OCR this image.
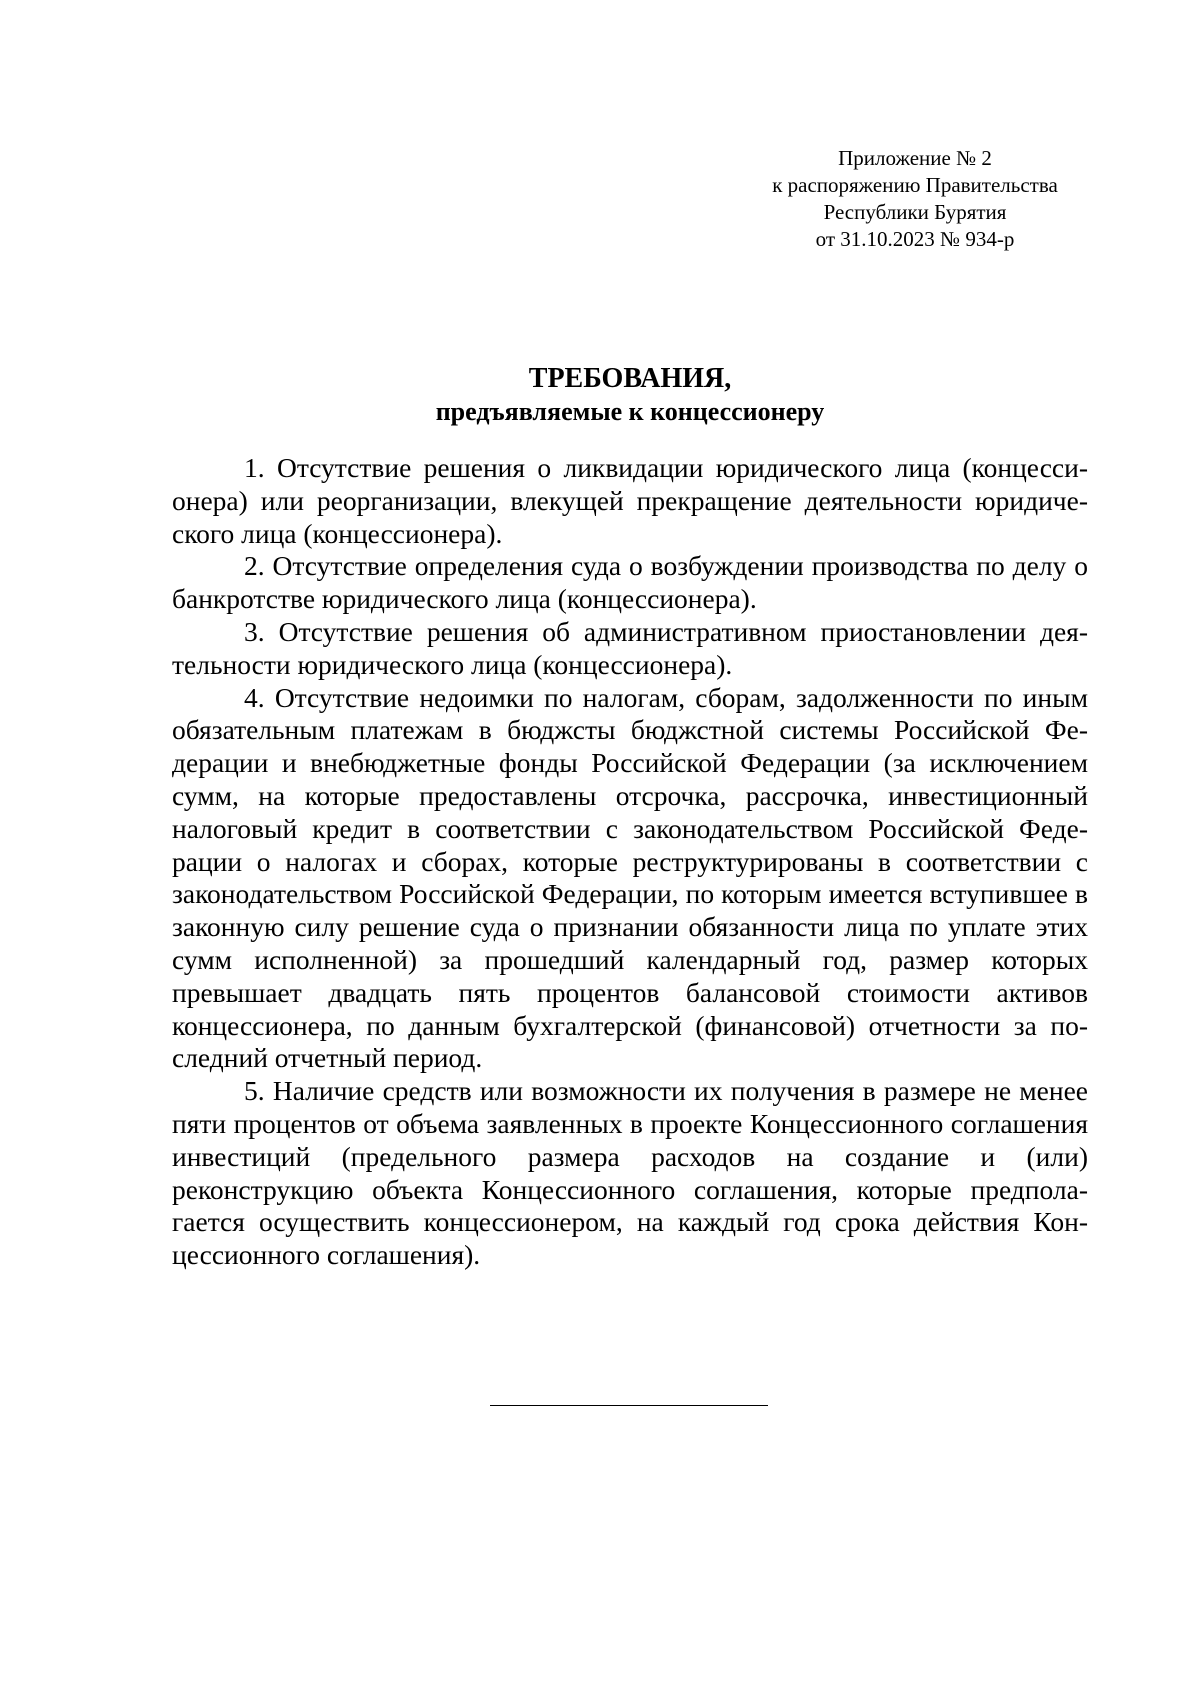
Приложение № 2
к распоряжению Правительства
Республики Бурятия
от 31.10.2023 № 934-р
ТРЕБОВАНИЯ,
предъявляемые к концессионеру

1. Отсутствие решения о ликвидации юридического лица (концессионера) или реорганизации, влекущей прекращение деятельности юридического лица (концессионера).

2. Отсутствие определения суда о возбуждении производства по делу о банкротстве юридического лица (концессионера).

3. Отсутствие решения об административном приостановлении деятельности юридического лица (концессионера).

4. Отсутствие недоимки по налогам, сборам, задолженности по иным обязательным платежам в бюджсты бюджстной системы Российской Федерации и внебюджетные фонды Российской Федерации (за исключением сумм, на которые предоставлены отсрочка, рассрочка, инвестиционный налоговый кредит в соответствии с законодательством Российской Федерации о налогах и сборах, которые реструктурированы в соответствии с законодательством Российской Федерации, по которым имеется вступившее в законную силу решение суда о признании обязанности лица по уплате этих сумм исполненной) за прошедший календарный год, размер которых превышает двадцать пять процентов балансовой стоимости активов концессионера, по данным бухгалтерской (финансовой) отчетности за последний отчетный период.

5. Наличие средств или возможности их получения в размере не менее пяти процентов от объема заявленных в проекте Концессионного соглашения инвестиций (предельного размера расходов на создание и (или) реконструкцию объекта Концессионного соглашения, которые предполагается осуществить концессионером, на каждый год срока действия Концессионного соглашения).
